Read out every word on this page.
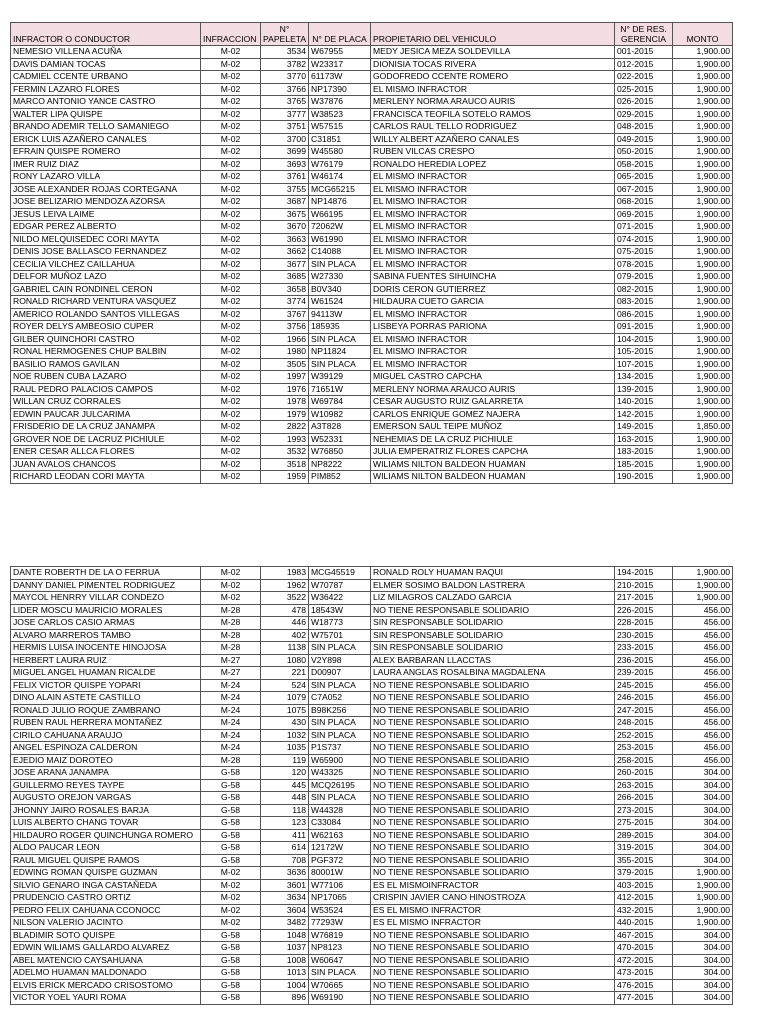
INFRACTOR O CONDUCTOR	INFRACCION	N° PAPELETA	N° DE PLACA	PROPIETARIO DEL VEHICULO	N° DE RES. GERENCIA	MONTO
NEMESIO VILLENA ACUÑA	M-02	3534	W67955	MEDY JESICA MEZA SOLDEVILLA	001-2015	1,900.00
DAVIS DAMIAN TOCAS	M-02	3782	W23317	DIONISIA TOCAS RIVERA	012-2015	1,900.00
CADMIEL CCENTE URBANO	M-02	3770	61173W	GODOFREDO CCENTE ROMERO	022-2015	1,900.00
FERMIN LAZARO FLORES	M-02	3766	NP17390	EL MISMO INFRACTOR	025-2015	1,900.00
MARCO ANTONIO YANCE CASTRO	M-02	3765	W37876	MERLENY NORMA ARAUCO AURIS	026-2015	1,900.00
WALTER LIPA QUISPE	M-02	3777	W38523	FRANCISCA TEOFILA SOTELO RAMOS	029-2015	1,900.00
BRANDO ADEMIR TELLO SAMANIEGO	M-02	3751	W57515	CARLOS RAUL TELLO RODRIGUEZ	048-2015	1,900.00
ERICK LUIS AZAÑERO CANALES	M-02	3700	C31851	WILLY ALBERT AZAÑERO CANALES	049-2015	1,900.00
EFRAIN QUISPE ROMERO	M-02	3699	W45580	RUBEN VILCAS CRESPO	050-2015	1,900.00
IMER RUIZ DIAZ	M-02	3693	W76179	RONALDO HEREDIA LOPEZ	058-2015	1,900.00
RONY LAZARO VILLA	M-02	3761	W46174	EL MISMO INFRACTOR	065-2015	1,900.00
JOSE ALEXANDER ROJAS CORTEGANA	M-02	3755	MCG65215	EL MISMO INFRACTOR	067-2015	1,900.00
JOSE BELIZARIO MENDOZA AZORSA	M-02	3687	NP14876	EL MISMO INFRACTOR	068-2015	1,900.00
JESUS LEIVA LAIME	M-02	3675	W66195	EL MISMO INFRACTOR	069-2015	1,900.00
EDGAR PEREZ ALBERTO	M-02	3670	72062W	EL MISMO INFRACTOR	071-2015	1,900.00
NILDO MELQUISEDEC CORI MAYTA	M-02	3663	W61990	EL MISMO INFRACTOR	074-2015	1,900.00
DENIS JOSE BALLASCO FERNANDEZ	M-02	3662	C14088	EL MISMO INFRACTOR	075-2015	1,900.00
CECILIA VILCHEZ CAILLAHUA	M-02	3677	SIN PLACA	EL MISMO INFRACTOR	078-2015	1,900.00
DELFOR MUÑOZ LAZO	M-02	3685	W27330	SABINA FUENTES SIHUINCHA	079-2015	1,900.00
GABRIEL CAIN RONDINEL CERON	M-02	3658	B0V340	DORIS CERON GUTIERREZ	082-2015	1,900.00
RONALD RICHARD VENTURA VASQUEZ	M-02	3774	W61524	HILDAURA CUETO GARCIA	083-2015	1,900.00
AMERICO ROLANDO SANTOS VILLEGAS	M-02	3767	94113W	EL MISMO INFRACTOR	086-2015	1,900.00
ROYER DELYS AMBEOSIO CUPER	M-02	3756	185935	LISBEYA PORRAS PARIONA	091-2015	1,900.00
GILBER QUINCHORI CASTRO	M-02	1966	SIN PLACA	EL MISMO INFRACTOR	104-2015	1,900.00
RONAL HERMOGENES CHUP BALBIN	M-02	1980	NP11824	EL MISMO INFRACTOR	105-2015	1,900.00
BASILIO RAMOS GAVILAN	M-02	3505	SIN PLACA	EL MISMO INFRACTOR	107-2015	1,900.00
NOE RUBEN CUBA LAZARO	M-02	1997	W39129	MIGUEL CASTRO CAPCHA	134-2015	1,900.00
RAUL PEDRO PALACIOS CAMPOS	M-02	1976	71651W	MERLENY NORMA ARAUCO AURIS	139-2015	1,900.00
WILLAN CRUZ CORRALES	M-02	1978	W69784	CESAR AUGUSTO RUIZ GALARRETA	140-2015	1,900.00
EDWIN PAUCAR JULCARIMA	M-02	1979	W10982	CARLOS ENRIQUE GOMEZ NAJERA	142-2015	1,900.00
FRISDERIO DE LA CRUZ JANAMPA	M-02	2822	A3T828	EMERSON SAUL TEIPE MUÑOZ	149-2015	1,850.00
GROVER NOE DE LACRUZ PICHIULE	M-02	1993	W52331	NEHEMIAS DE LA CRUZ PICHIULE	163-2015	1,900.00
ENER CESAR ALLCA FLORES	M-02	3532	W76850	JULIA EMPERATRIZ FLORES CAPCHA	183-2015	1,900.00
JUAN AVALOS CHANCOS	M-02	3518	NP8222	WILIAMS NILTON BALDEON HUAMAN	185-2015	1,900.00
RICHARD LEODAN CORI MAYTA	M-02	1959	PIM852	WILIAMS NILTON BALDEON HUAMAN	190-2015	1,900.00
DANTE ROBERTH DE LA O FERRUA	M-02	1983	MCG45519	RONALD ROLY HUAMAN RAQUI	194-2015	1,900.00
DANNY DANIEL PIMENTEL RODRIGUEZ	M-02	1962	W70787	ELMER SOSIMO BALDON LASTRERA	210-2015	1,900.00
MAYCOL HENRRY VILLAR CONDEZO	M-02	3522	W36422	LIZ MILAGROS CALZADO GARCIA	217-2015	1,900.00
LIDER MOSCU MAURICIO MORALES	M-28	478	18543W	NO TIENE RESPONSABLE SOLIDARIO	226-2015	456.00
JOSE CARLOS CASIO ARMAS	M-28	446	W18773	SIN RESPONSABLE SOLIDARIO	228-2015	456.00
ALVARO MARREROS TAMBO	M-28	402	W75701	SIN RESPONSABLE SOLIDARIO	230-2015	456.00
HERMIS LUISA INOCENTE HINOJOSA	M-28	1138	SIN PLACA	SIN RESPONSABLE SOLIDARIO	233-2015	456.00
HERBERT LAURA RUIZ	M-27	1080	V2Y898	ALEX BARBARAN LLACCTAS	236-2015	456.00
MIGUEL ANGEL HUAMAN RICALDE	M-27	221	D00907	LAURA ANGLAS ROSALBINA MAGDALENA	239-2015	456.00
FELIX VICTOR QUISPE YOPARI	M-24	524	SIN PLACA	NO TIENE RESPONSABLE SOLIDARIO	245-2015	456.00
DINO ALAIN ASTETE CASTILLO	M-24	1079	C7A052	NO TIENE RESPONSABLE SOLIDARIO	246-2015	456.00
RONALD JULIO ROQUE ZAMBRANO	M-24	1075	B98K256	NO TIENE RESPONSABLE SOLIDARIO	247-2015	456.00
RUBEN RAUL HERRERA MONTAÑEZ	M-24	430	SIN PLACA	NO TIENE RESPONSABLE SOLIDARIO	248-2015	456.00
CIRILO CAHUANA ARAUJO	M-24	1032	SIN PLACA	NO TIENE RESPONSABLE SOLIDARIO	252-2015	456.00
ANGEL ESPINOZA CALDERON	M-24	1035	P1S737	NO TIENE RESPONSABLE SOLIDARIO	253-2015	456.00
EJEDIO MAIZ DOROTEO	M-28	119	W65900	NO TIENE RESPONSABLE SOLIDARIO	258-2015	456.00
JOSE ARANA JANAMPA	G-58	120	W43325	NO TIENE RESPONSABLE SOLIDARIO	260-2015	304.00
GUILLERMO REYES TAYPE	G-58	445	MCQ26195	NO TIENE RESPONSABLE SOLIDARIO	263-2015	304.00
AUGUSTO OREJON VARGAS	G-58	448	SIN PLACA	NO TIENE RESPONSABLE SOLIDARIO	266-2015	304.00
JHONNY JAIRO ROSALES BARJA	G-58	118	W44328	NO TIENE RESPONSABLE SOLIDARIO	273-2015	304.00
LUIS ALBERTO CHANG TOVAR	G-58	123	C33084	NO TIENE RESPONSABLE SOLIDARIO	275-2015	304.00
HILDAURO ROGER QUINCHUNGA ROMERO	G-58	411	W62163	NO TIENE RESPONSABLE SOLIDARIO	289-2015	304.00
ALDO PAUCAR LEON	G-58	614	12172W	NO TIENE RESPONSABLE SOLIDARIO	319-2015	304.00
RAUL MIGUEL QUISPE RAMOS	G-58	708	PGF372	NO TIENE RESPONSABLE SOLIDARIO	355-2015	304.00
EDWING ROMAN QUISPE GUZMAN	M-02	3636	80001W	NO TIENE RESPONSABLE SOLIDARIO	379-2015	1,900.00
SILVIO GENARO INGA CASTAÑEDA	M-02	3601	W77106	ES EL MISMOINFRACTOR	403-2015	1,900.00
PRUDENCIO CASTRO ORTIZ	M-02	3634	NP17065	CRISPIN JAVIER CANO HINOSTROZA	412-2015	1,900.00
PEDRO FELIX CAHUANA CCONOCC	M-02	3604	W53524	ES EL MISMO INFRACTOR	432-2015	1,900.00
NILSON VALERIO JACINTO	M-02	3482	77293W	ES EL MISMO INFRACTOR	440-2015	1,900.00
BLADIMIR SOTO QUISPE	G-58	1048	W76819	NO TIENE RESPONSABLE SOLIDARIO	467-2015	304.00
EDWIN WILIAMS GALLARDO ALVAREZ	G-58	1037	NP8123	NO TIENE RESPONSABLE SOLIDARIO	470-2015	304.00
ABEL MATENCIO CAYSAHUANA	G-58	1008	W60647	NO TIENE RESPONSABLE SOLIDARIO	472-2015	304.00
ADELMO HUAMAN MALDONADO	G-58	1013	SIN PLACA	NO TIENE RESPONSABLE SOLIDARIO	473-2015	304.00
ELVIS ERICK MERCADO CRISOSTOMO	G-58	1004	W70665	NO TIENE RESPONSABLE SOLIDARIO	476-2015	304.00
VICTOR YOEL YAURI ROMA	G-58	896	W69190	NO TIENE RESPONSABLE SOLIDARIO	477-2015	304.00
